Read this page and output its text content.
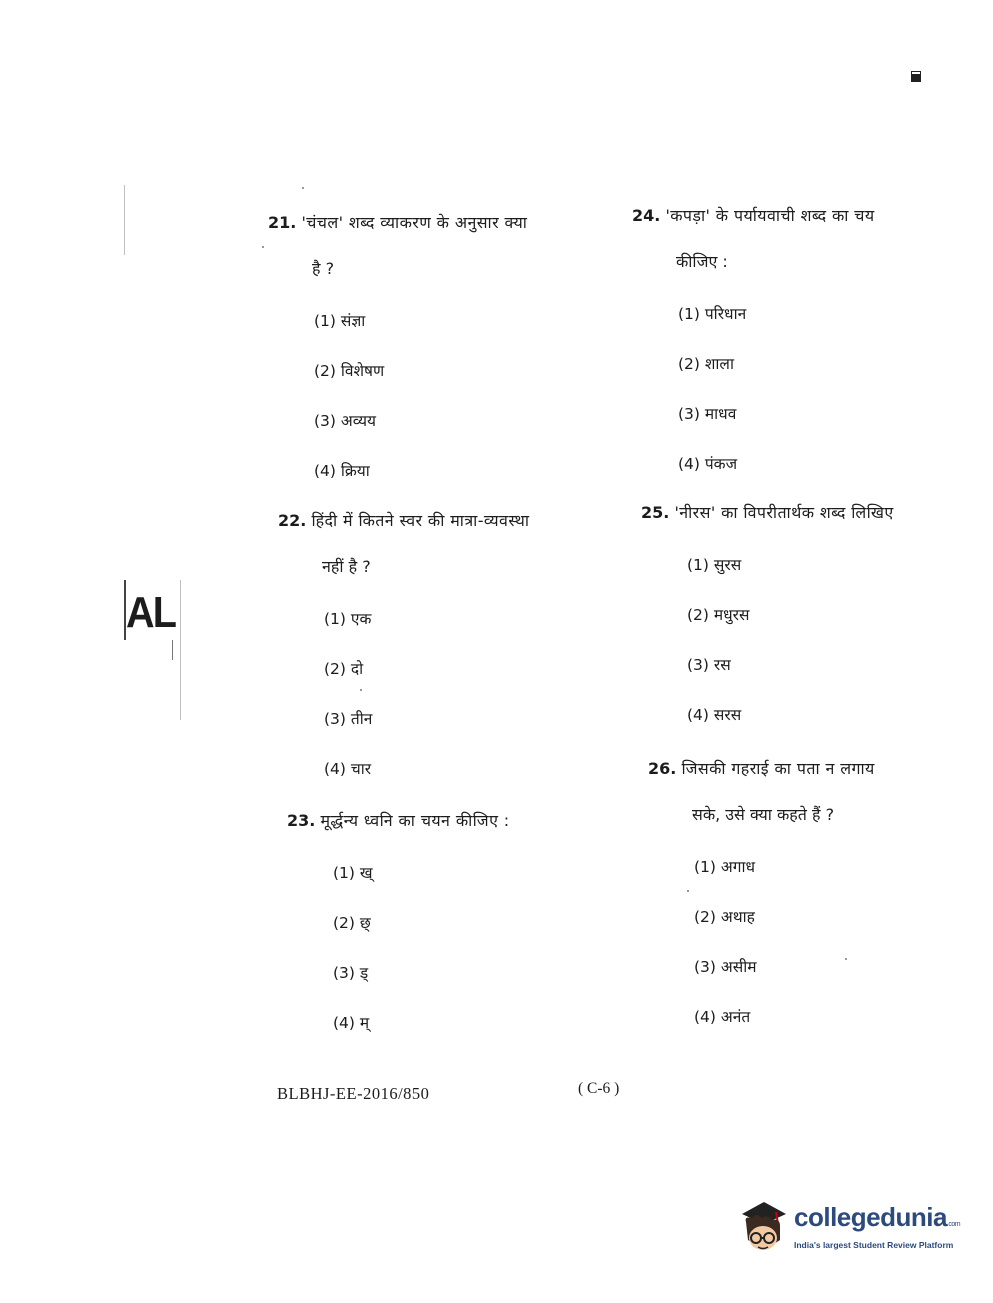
21. 'चंचल' शब्द व्याकरण के अनुसार क्या
है ?
(1) संज्ञा
(2) विशेषण
(3) अव्यय
(4) क्रिया
22. हिंदी में कितने स्वर की मात्रा-व्यवस्था
नहीं है ?
(1) एक
(2) दो
(3) तीन
(4) चार
23. मूर्द्धन्य ध्वनि का चयन कीजिए :
(1) ख्
(2) छ्
(3) ड्
(4) म्
24. 'कपड़ा' के पर्यायवाची शब्द का चय
कीजिए :
(1) परिधान
(2) शाला
(3) माधव
(4) पंकज
25. 'नीरस' का विपरीतार्थक शब्द लिखिए
(1) सुरस
(2) मधुरस
(3) रस
(4) सरस
26. जिसकी गहराई का पता न लगाय
सके, उसे क्या कहते हैं ?
(1) अगाध
(2) अथाह
(3) असीम
(4) अनंत
AL
BLBHJ-EE-2016/850	( C-6 )
collegedunia.com
India's largest Student Review Platform
